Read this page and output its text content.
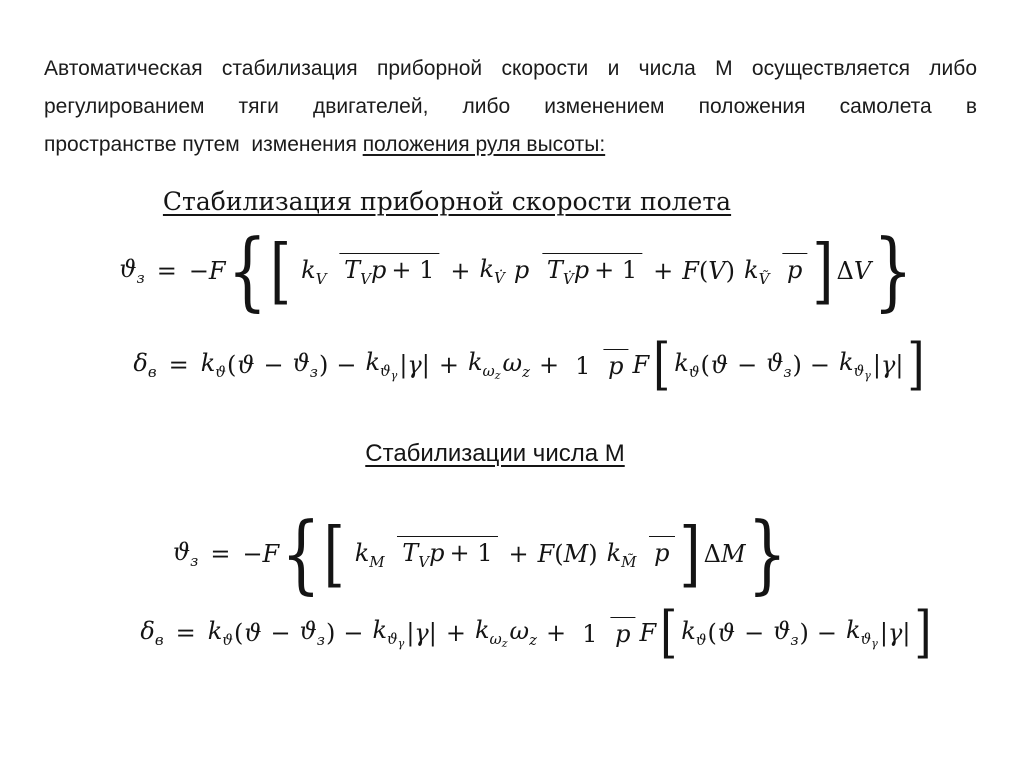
Автоматическая стабилизация приборной скорости и числа М осуществляется либо
регулированием тяги двигателей, либо изменением положения самолета в
пространстве путем  изменения положения руля высоты:
Стабилизация приборной скорости полета
ϑз = −F { [ kV TVp + 1 + kV̇ p TV̇p + 1 + F(V) kṼ p ] ΔV }
δв = kϑ ( ϑ − ϑз ) − kϑγ |γ| + kωz ωz + 1 p F [ kϑ ( ϑ − ϑз ) − kϑγ |γ| ]
Стабилизации числа М
ϑз = −F { [ kM TVp + 1 + F(M) kM̃ p ] ΔM }
δв = kϑ ( ϑ − ϑз ) − kϑγ |γ| + kωz ωz + 1 p F [ kϑ ( ϑ − ϑз ) − kϑγ |γ| ]
